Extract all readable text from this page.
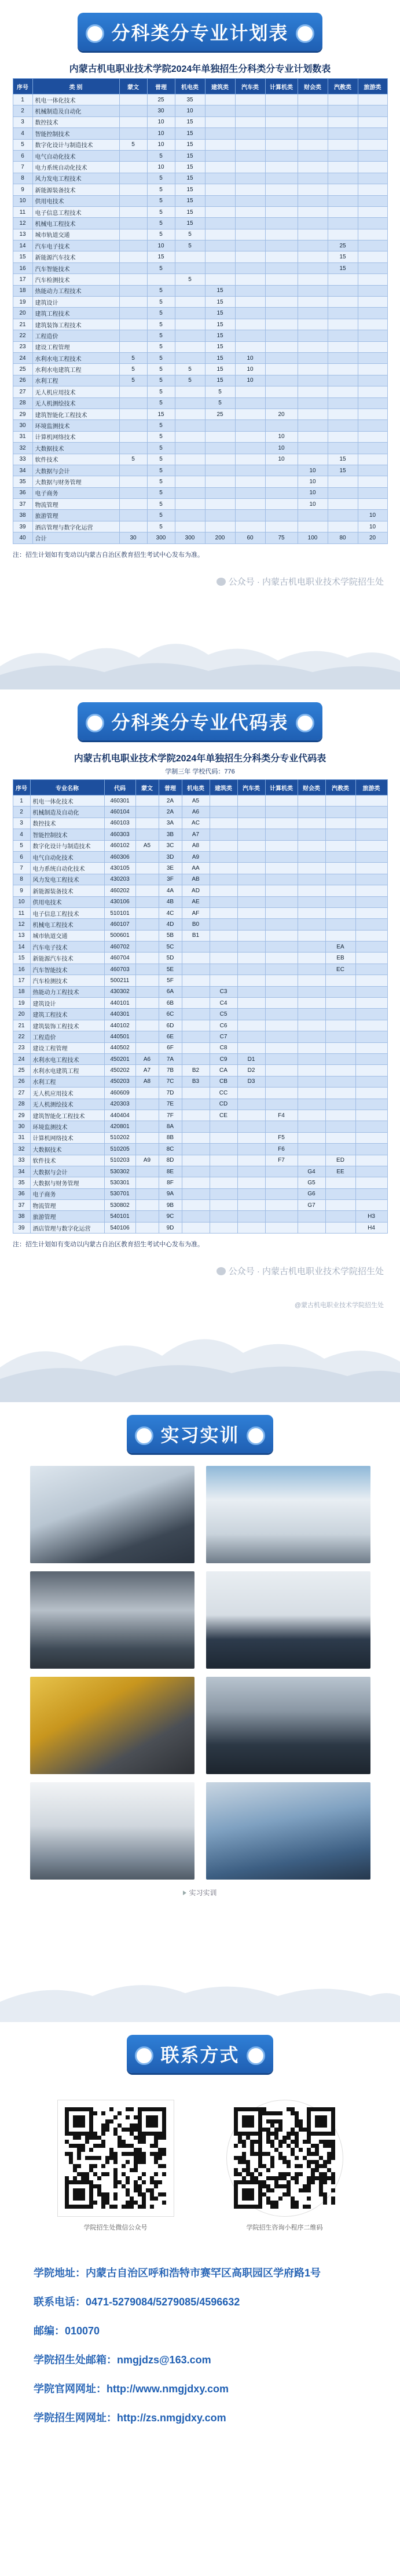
分科类分专业计划表
内蒙古机电职业技术学院2024年单独招生分科类分专业计划数表
序号	类 别	蒙文	普理	机电类	建筑类	汽车类	计算机类	财会类	汽教类	旅游类
1	机电一体化技术		25	35						
2	机械制造及自动化		30	10						
3	数控技术		10	15						
4	智能控制技术		10	15						
5	数字化设计与制造技术	5	10	15						
6	电气自动化技术		5	15						
7	电力系统自动化技术		10	15						
8	风力发电工程技术		5	15						
9	新能源装备技术		5	15						
10	供用电技术		5	15						
11	电子信息工程技术		5	15						
12	机械电工程技术		5	15						
13	城市轨道交通		5	5						
14	汽车电子技术		10	5					25	
15	新能源汽车技术		15						15	
16	汽车智能技术		5						15	
17	汽车检测技术			5						
18	热能动力工程技术		5		15					
19	建筑设计		5		15					
20	建筑工程技术		5		15					
21	建筑装饰工程技术		5		15					
22	工程造价		5		15					
23	建设工程管理		5		15					
24	水利水电工程技术	5	5		15	10				
25	水利水电建筑工程	5	5	5	15	10				
26	水利工程	5	5	5	15	10				
27	无人机应用技术		5		5					
28	无人机测绘技术		5		5					
29	建筑智能化工程技术		15		25		20			
30	环境监测技术		5							
31	计算机网络技术		5				10			
32	大数据技术		5				10			
33	软件技术	5	5				10		15	
34	大数据与会计		5					10	15	
35	大数据与财务管理		5					10		
36	电子商务		5					10		
37	物流管理		5					10		
38	旅游管理		5							10
39	酒店管理与数字化运营		5							10
40	合计	30	300	300	200	60	75	100	80	20
注：招生计划如有变动以内蒙古自治区教育招生考试中心发布为准。
公众号 · 内蒙古机电职业技术学院招生处
分科类分专业代码表
内蒙古机电职业技术学院2024年单独招生分科类分专业代码表
学制三年 学校代码：776
序号	专业名称	代码	蒙文	普理	机电类	建筑类	汽车类	计算机类	财会类	汽教类	旅游类
1	机电一体化技术	460301		2A	A5						
2	机械制造及自动化	460104		2A	A6						
3	数控技术	460103		3A	AC						
4	智能控制技术	460303		3B	A7						
5	数字化设计与制造技术	460102	A5	3C	A8						
6	电气自动化技术	460306		3D	A9						
7	电力系统自动化技术	430105		3E	AA						
8	风力发电工程技术	430203		3F	AB						
9	新能源装备技术	460202		4A	AD						
10	供用电技术	430106		4B	AE						
11	电子信息工程技术	510101		4C	AF						
12	机械电工程技术	460107		4D	B0						
13	城市轨道交通	500601		5B	B1						
14	汽车电子技术	460702		5C						EA	
15	新能源汽车技术	460704		5D						EB	
16	汽车智能技术	460703		5E						EC	
17	汽车检测技术	500211		5F							
18	热能动力工程技术	430302		6A		C3					
19	建筑设计	440101		6B		C4					
20	建筑工程技术	440301		6C		C5					
21	建筑装饰工程技术	440102		6D		C6					
22	工程造价	440501		6E		C7					
23	建设工程管理	440502		6F		C8					
24	水利水电工程技术	450201	A6	7A		C9	D1				
25	水利水电建筑工程	450202	A7	7B	B2	CA	D2				
26	水利工程	450203	A8	7C	B3	CB	D3				
27	无人机应用技术	460609		7D		CC					
28	无人机测绘技术	420303		7E		CD					
29	建筑智能化工程技术	440404		7F		CE		F4			
30	环境监测技术	420801		8A							
31	计算机网络技术	510202		8B				F5			
32	大数据技术	510205		8C				F6			
33	软件技术	510203	A9	8D				F7		ED	
34	大数据与会计	530302		8E					G4	EE	
35	大数据与财务管理	530301		8F					G5		
36	电子商务	530701		9A					G6		
37	物流管理	530802		9B					G7		
38	旅游管理	540101		9C							H3
39	酒店管理与数字化运营	540106		9D							H4
注：招生计划如有变动以内蒙古自治区教育招生考试中心发布为准。
公众号 · 内蒙古机电职业技术学院招生处
@蒙古机电职业技术学院招生处
实习实训
实习实训
联系方式
学院招生处微信公众号	学院招生咨询小程序二维码
学院地址：内蒙古自治区呼和浩特市赛罕区高职园区学府路1号
联系电话：0471-5279084/5279085/4596632
邮编：010070
学院招生处邮箱：nmgjdzs@163.com
学院官网网址：http://www.nmgjdxy.com
学院招生网网址：http://zs.nmgjdxy.com
